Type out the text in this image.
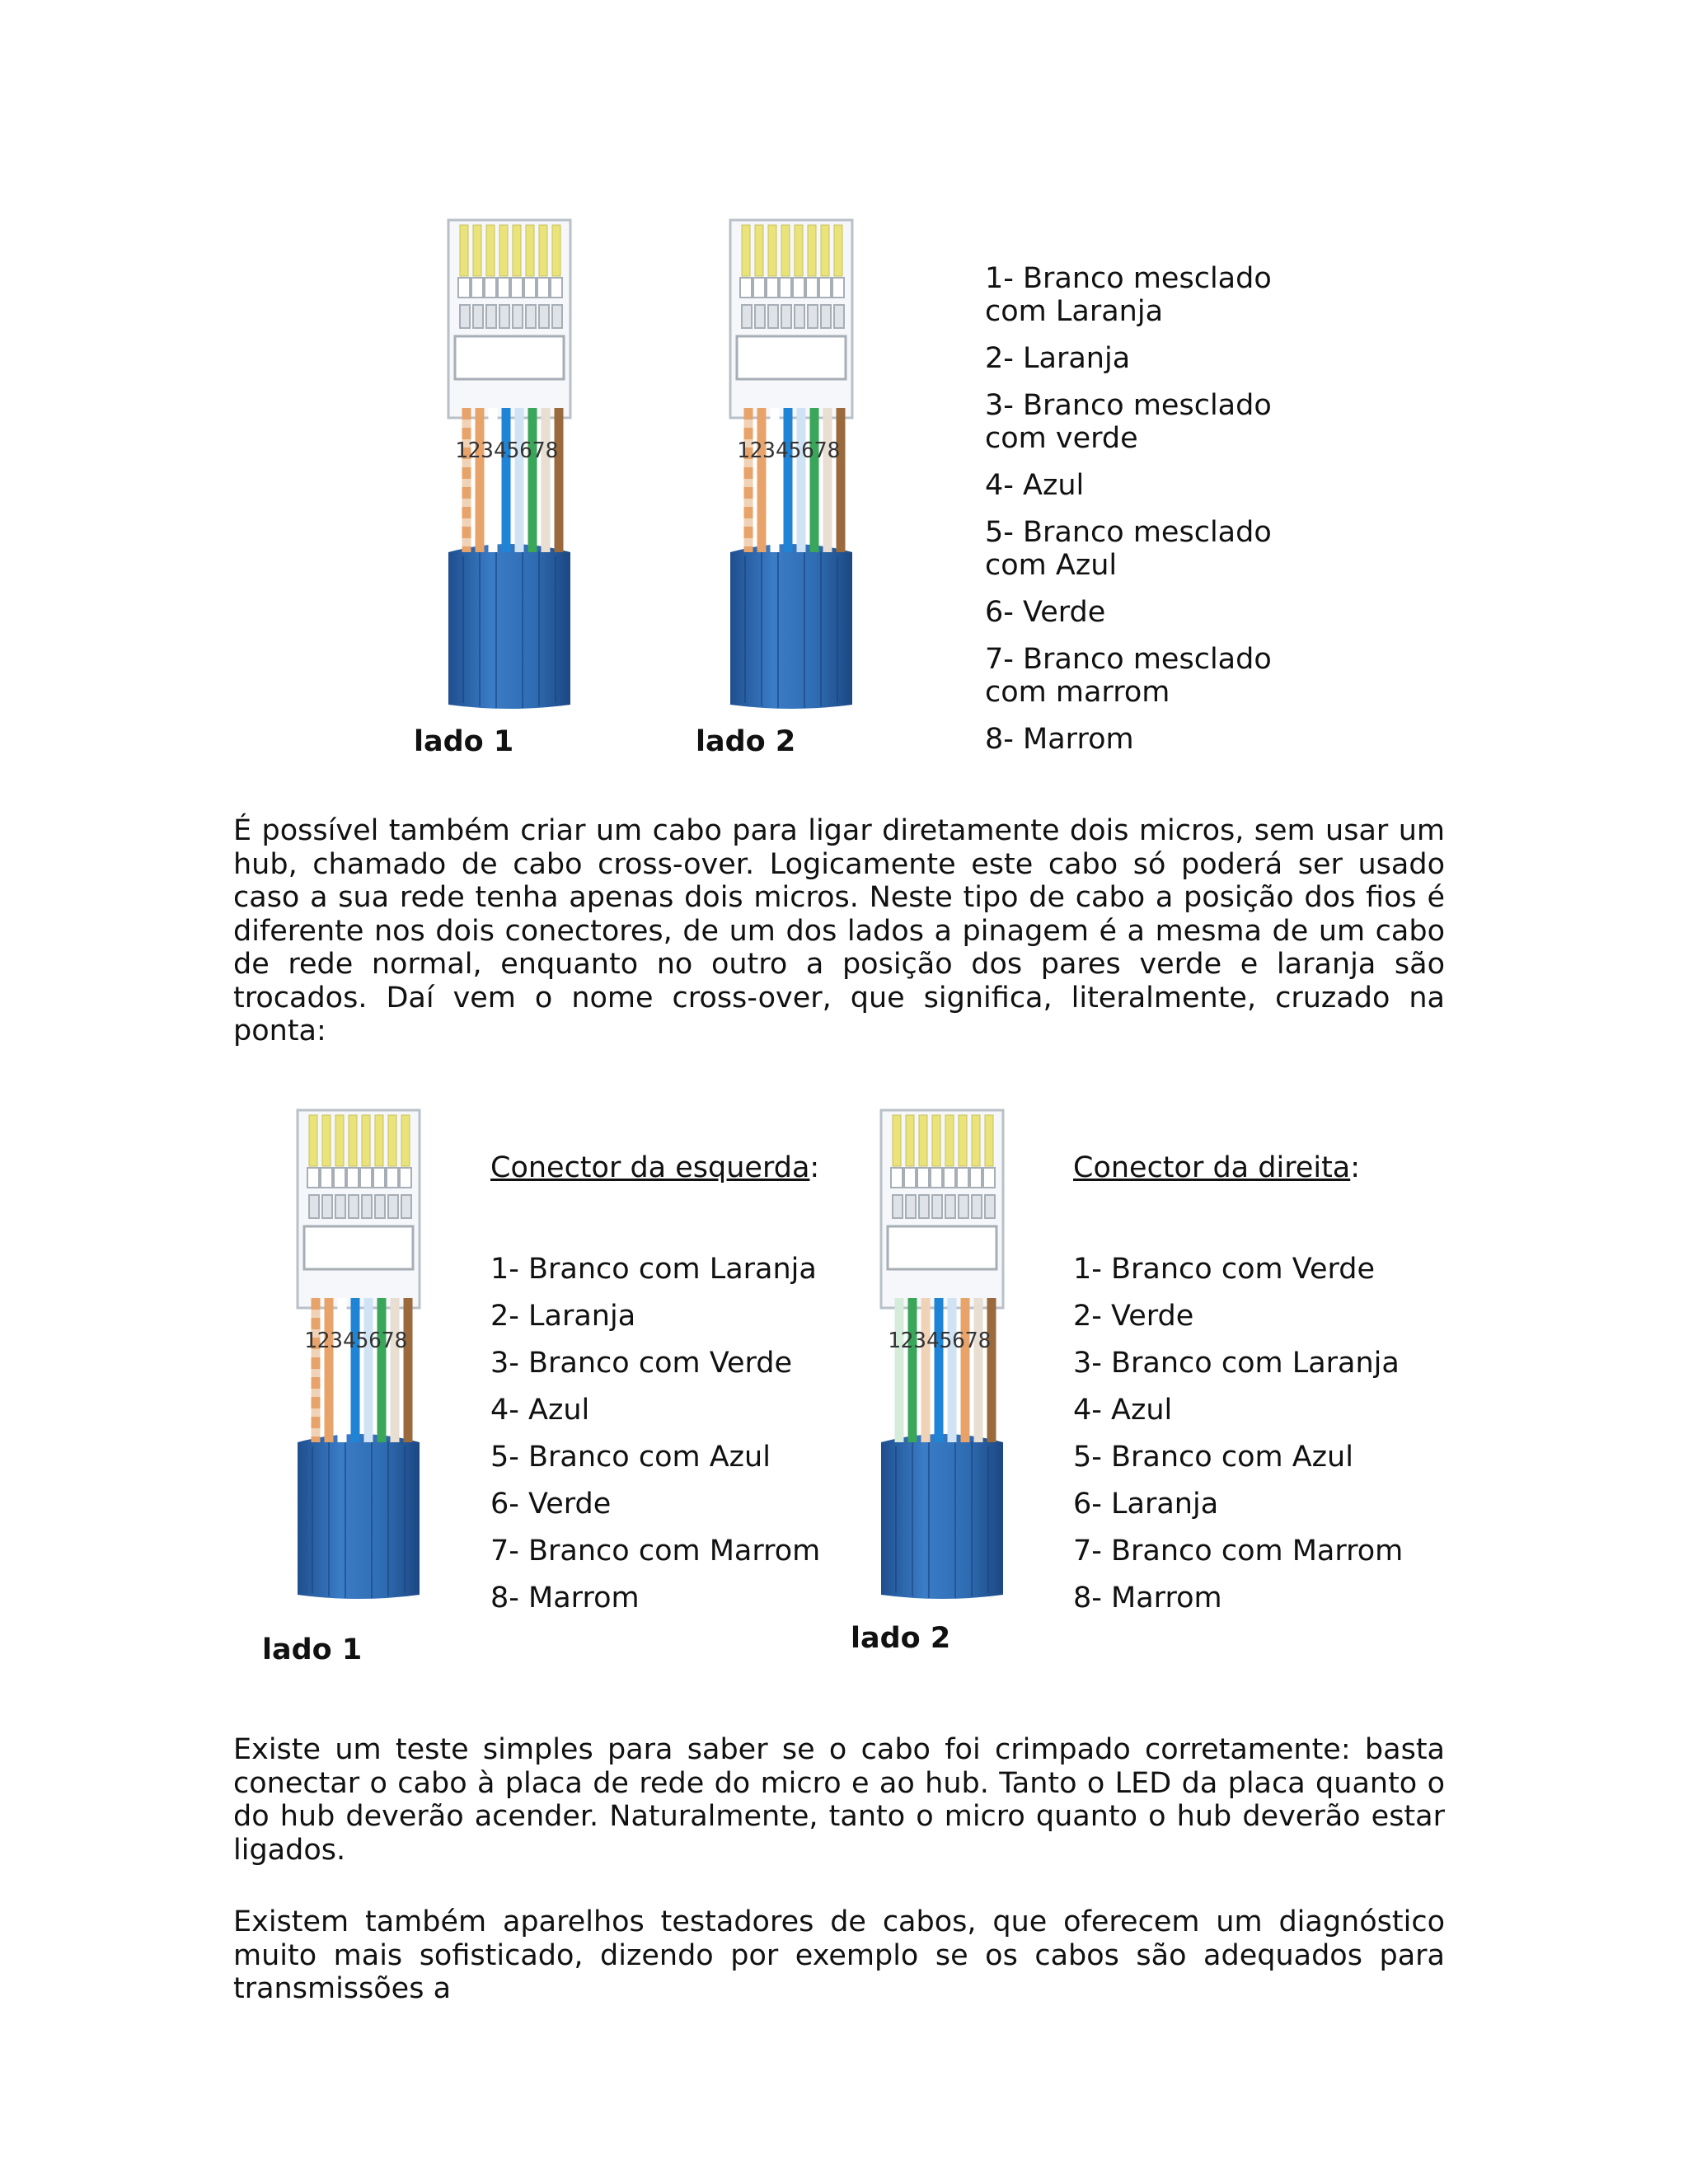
lado 1	lado 2
1- Branco mesclado
com Laranja
2- Laranja
3- Branco mesclado
com verde
4- Azul
5- Branco mesclado
com Azul
6- Verde
7- Branco mesclado
com marrom
8- Marrom
É possível também criar um cabo para ligar diretamente dois micros, sem usar um hub, chamado de cabo cross-over. Logicamente este cabo só poderá ser usado caso a sua rede tenha apenas dois micros. Neste tipo de cabo a posição dos fios é diferente nos dois conectores, de um dos lados a pinagem é a mesma de um cabo de rede normal, enquanto no outro a posição dos pares verde e laranja são trocados. Daí vem o nome cross-over, que significa, literalmente, cruzado na ponta:
lado 1
Conector da esquerda:
1- Branco com Laranja
2- Laranja
3- Branco com Verde
4- Azul
5- Branco com Azul
6- Verde
7- Branco com Marrom
8- Marrom
lado 2
Conector da direita:
1- Branco com Verde
2- Verde
3- Branco com Laranja
4- Azul
5- Branco com Azul
6- Laranja
7- Branco com Marrom
8- Marrom
Existe um teste simples para saber se o cabo foi crimpado corretamente: basta conectar o cabo à placa de rede do micro e ao hub. Tanto o LED da placa quanto o do hub deverão acender. Naturalmente, tanto o micro quanto o hub deverão estar ligados.
Existem também aparelhos testadores de cabos, que oferecem um diagnóstico muito mais sofisticado, dizendo por exemplo se os cabos são adequados para transmissões a
